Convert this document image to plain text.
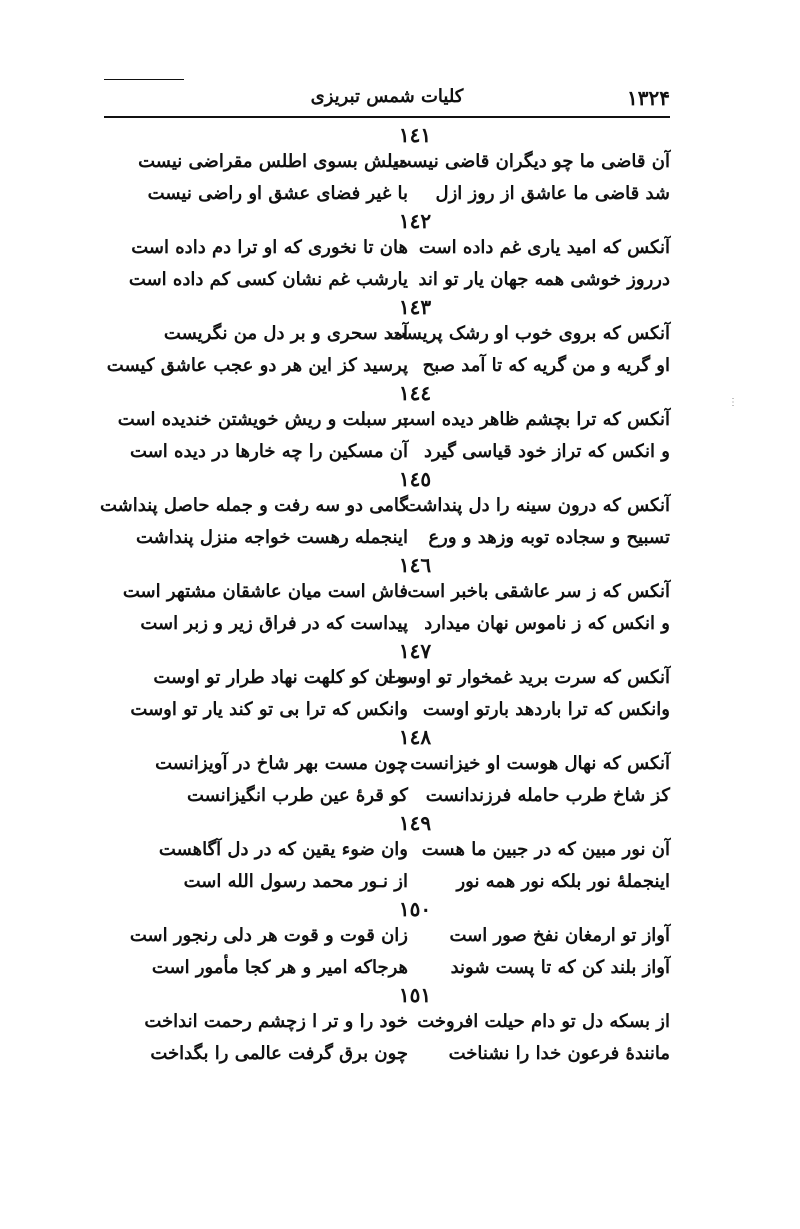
۱۳۲۴
کلیات شمس تبریزی
۱٤۱
آن قاضی ما چو دیگران قاضی نیست
میلش بسوی اطلس مقراضی نیست
شد قاضی ما عاشق از روز ازل
با غیر فضای عشق او راضی نیست
۱٤۲
آنکس که امید یاری غم داده است
هان تا نخوری که او ترا دم داده است
درروز خوشی همه جهان یار تو اند
یارشب غم نشان کسی کم داده است
۱٤۳
آنکس که بروی خوب او رشک پریست
آمد سحری و بر دل من نگریست
او گریه و من گریه که تا آمد صبح
پرسید کز این هر دو عجب عاشق کیست
۱٤٤
آنکس که ترا بچشم ظاهر دیده است
بر سبلت و ریش خویشتن خندیده است
و انکس که تراز خود قیاسی گیرد
آن مسکین را چه خارها در دیده است
۱٤٥
آنکس که درون سینه را دل پنداشت
گامی دو سه رفت و جمله حاصل پنداشت
تسبیح و سجاده توبه وزهد و ورع
اینجمله رهست خواجه منزل پنداشت
۱٤٦
آنکس که ز سر عاشقی باخبر است
فاش است میان عاشقان مشتهر است
و انکس که ز ناموس نهان میدارد
پیداست که در فراق زیر و زبر است
۱٤۷
آنکس که سرت برید غمخوار تو اوست
و ان کو کلهت نهاد طرار تو اوست
وانکس که ترا باردهد بارتو اوست
وانکس که ترا بی تو کند یار تو اوست
۱٤۸
آنکس که نهال هوست او خیزانست
چون مست بهر شاخ در آویزانست
کز شاخ طرب حامله فرزندانست
کو قرهٔ عین طرب انگیزانست
۱٤۹
آن نور مبین که در جبین ما هست
وان ضوء یقین که در دل آگاهست
اینجملهٔ نور بلکه نور همه نور
از نـور محمد رسول الله است
۱٥۰
آواز تو ارمغان نفخ صور است
زان قوت و قوت هر دلی رنجور است
آواز بلند کن که تا پست شوند
هرجاکه امیر و هر کجا مأمور است
۱٥۱
از بسکه دل تو دام حیلت افروخت
خود را و تر ا زچشم رحمت انداخت
مانندهٔ فرعون خدا را نشناخت
چون برق گرفت عالمی را بگداخت
⋮
